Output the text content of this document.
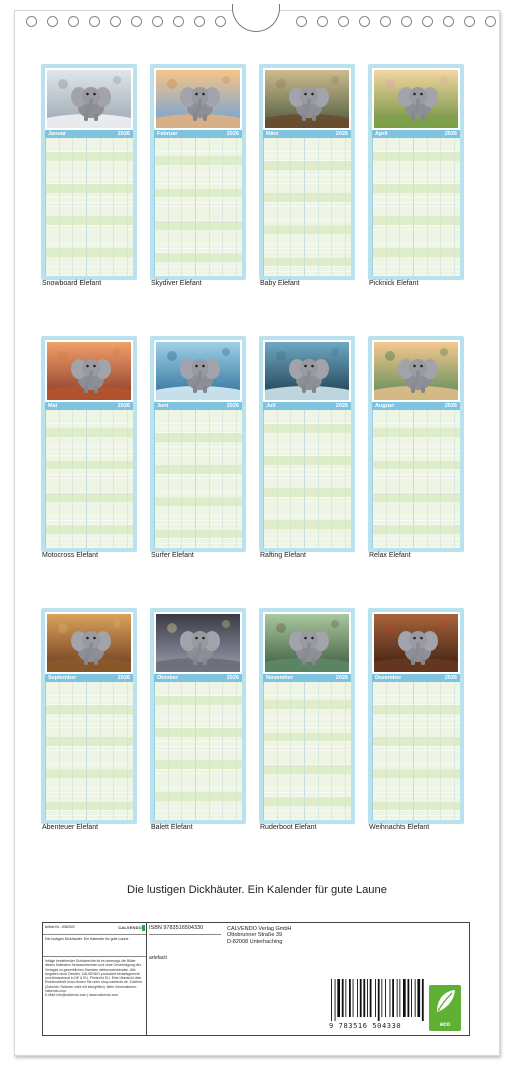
Januar	2026
Snowboard Elefant
Februar	2026
Skydiver Elefant
März	2026
Baby Elefant
April	2026
Picknick Elefant
Mai	2026
Motocross Elefant
Juni	2026
Surfer Elefant
Juli	2026
Rafting Elefant
August	2026
Relax Elefant
September	2026
Abenteuer Elefant
Oktober	2026
Balett Elefant
November	2026
Ruderboot Elefant
Dezember	2026
Weihnachts Elefant
Die lustigen Dickhäuter. Ein Kalender für gute Laune
Artikel Nr.: 2060922	CALVENDO
Die lustigen Dickhäuter. Ein Kalender für gute Laune
Infolge bestehender Schutzrechte ist es untersagt, die Bilder dieses Kalenders herauszutrennen und ohne Genehmigung des Verlages zu gewerblichen Zwecken weiterzuverwenden. Alle Angaben ohne Gewähr. CALVENDO produziert bedarfsgerecht und klimaneutral in DE & EU. Printed in EU. Eine Übersicht über Einzelzubehör hinzu finden Sie unter shop.calvendo.de. Zubehör (Zubehör, Rahmen nicht mit inbegriffen). Mehr Informationen: calvendo.com
E-Mail: info@calvendo.com | www.calvendo.com
ISBN 9783516504330
artefacti
CALVENDO Verlag GmbH
Ottobrunner Straße 39
D-82008 Unterhaching
9 783516 504330	eco
